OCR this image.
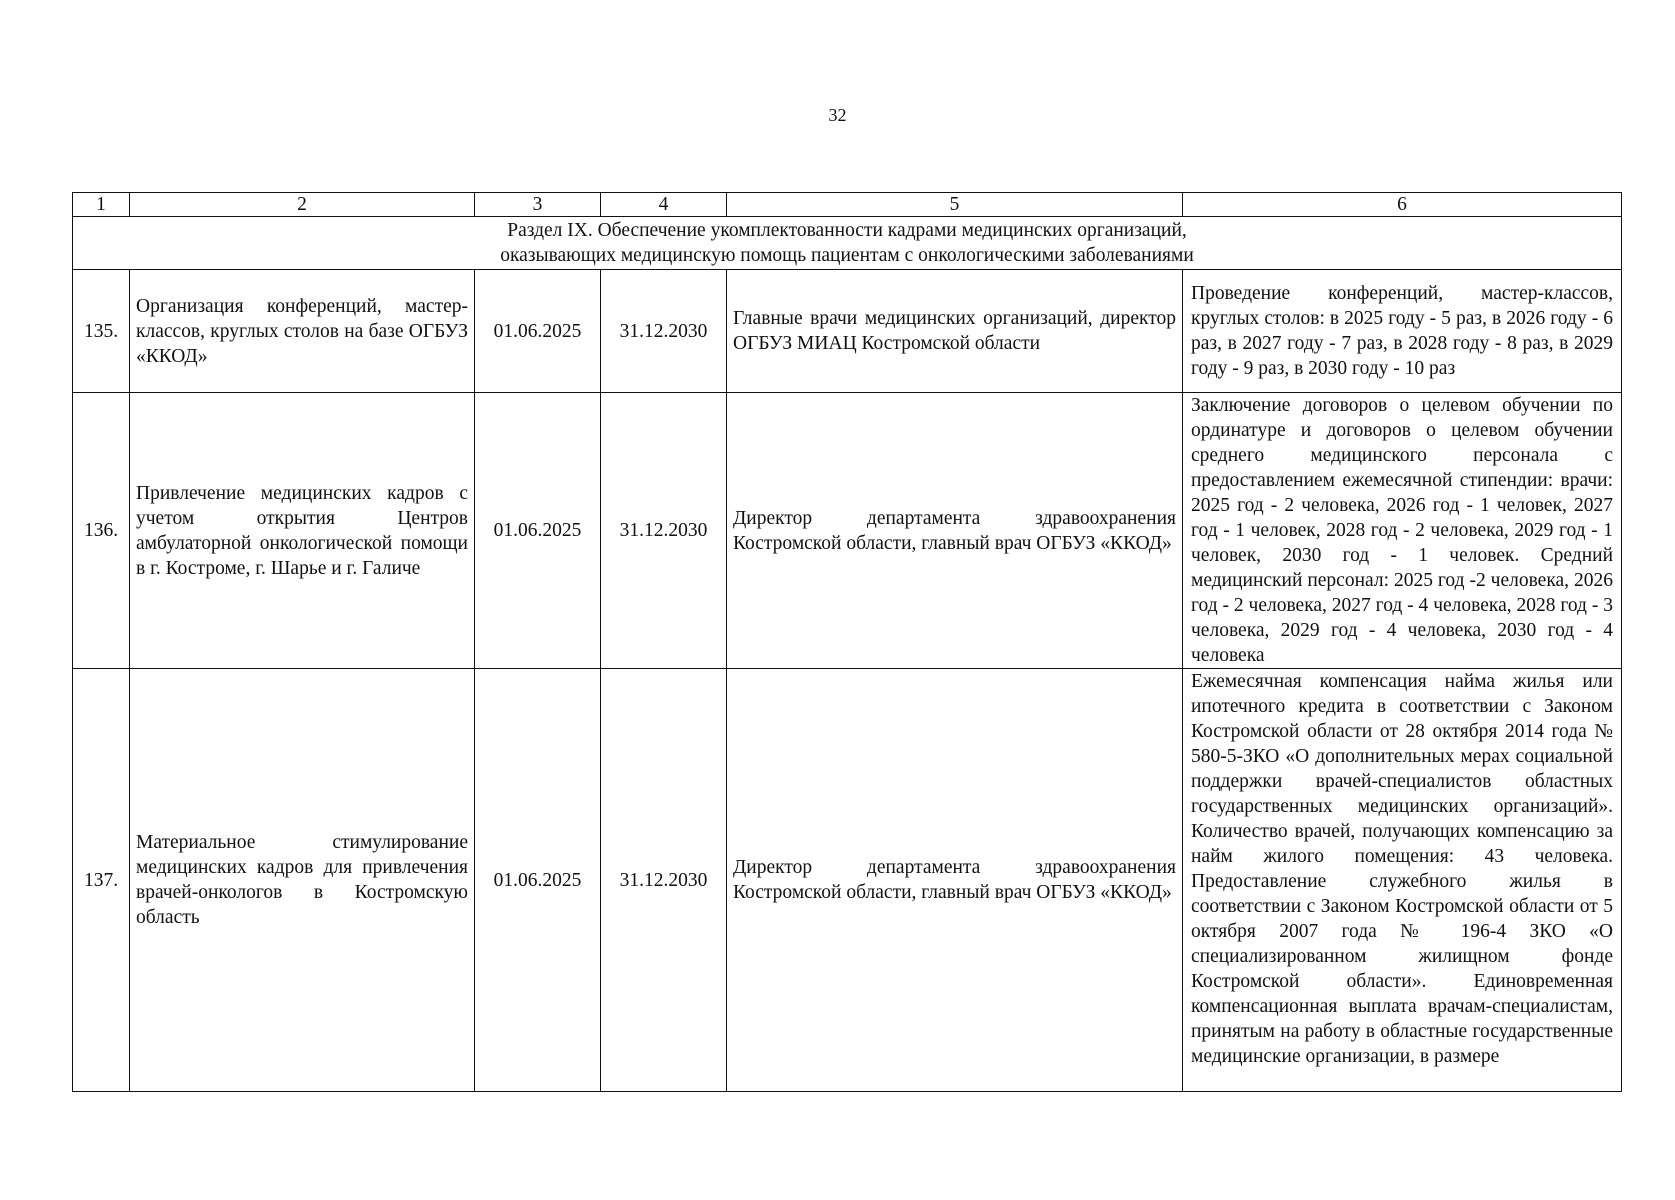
32
1	2	3	4	5	6

Раздел IX. Обеспечение укомплектованности кадрами медицинских организаций,
оказывающих медицинскую помощь пациентам с онкологическими заболеваниями					

135.	Организация конференций, мастер-классов, круглых столов на базе ОГБУЗ «ККОД»	01.06.2025	31.12.2030	Главные врачи медицинских организаций, директор ОГБУЗ МИАЦ Костромской области	Проведение конференций, мастер-классов, круглых столов: в 2025 году - 5 раз, в 2026 году - 6 раз, в 2027 году - 7 раз, в 2028 году - 8 раз, в 2029 году - 9 раз, в 2030 году - 10 раз
136.	Привлечение медицинских кадров с учетом открытия Центров амбулаторной онкологической помощи в г. Костроме, г. Шарье и г. Галиче	01.06.2025	31.12.2030	Директор департамента здравоохранения Костромской области, главный врач ОГБУЗ «ККОД»	Заключение договоров о целевом обучении по ординатуре и договоров о целевом обучении среднего медицинского персонала с предоставлением ежемесячной стипендии: врачи: 2025 год - 2 человека, 2026 год - 1 человек, 2027 год - 1 человек, 2028 год - 2 человека, 2029 год - 1 человек, 2030 год - 1 человек. Средний медицинский персонал: 2025 год -2 человека, 2026 год - 2 человека, 2027 год - 4 человека, 2028 год - 3 человека, 2029 год - 4 человека, 2030 год - 4 человека
137.	Материальное стимулирование медицинских кадров для привлечения врачей-онкологов в Костромскую область	01.06.2025	31.12.2030	Директор департамента здравоохранения Костромской области, главный врач ОГБУЗ «ККОД»	Ежемесячная компенсация найма жилья или ипотечного кредита в соответствии с Законом Костромской области от 28 октября 2014 года № 580-5-ЗКО «О дополнительных мерах социальной поддержки врачей-специалистов областных государственных медицинских организаций». Количество врачей, получающих компенсацию за найм жилого помещения: 43 человека. Предоставление служебного жилья в соответствии с Законом Костромской области от 5 октября 2007 года № 196-4 ЗКО «О специализированном жилищном фонде Костромской области». Единовременная компенсационная выплата врачам-специалистам, принятым на работу в областные государственные медицинские организации, в размере
